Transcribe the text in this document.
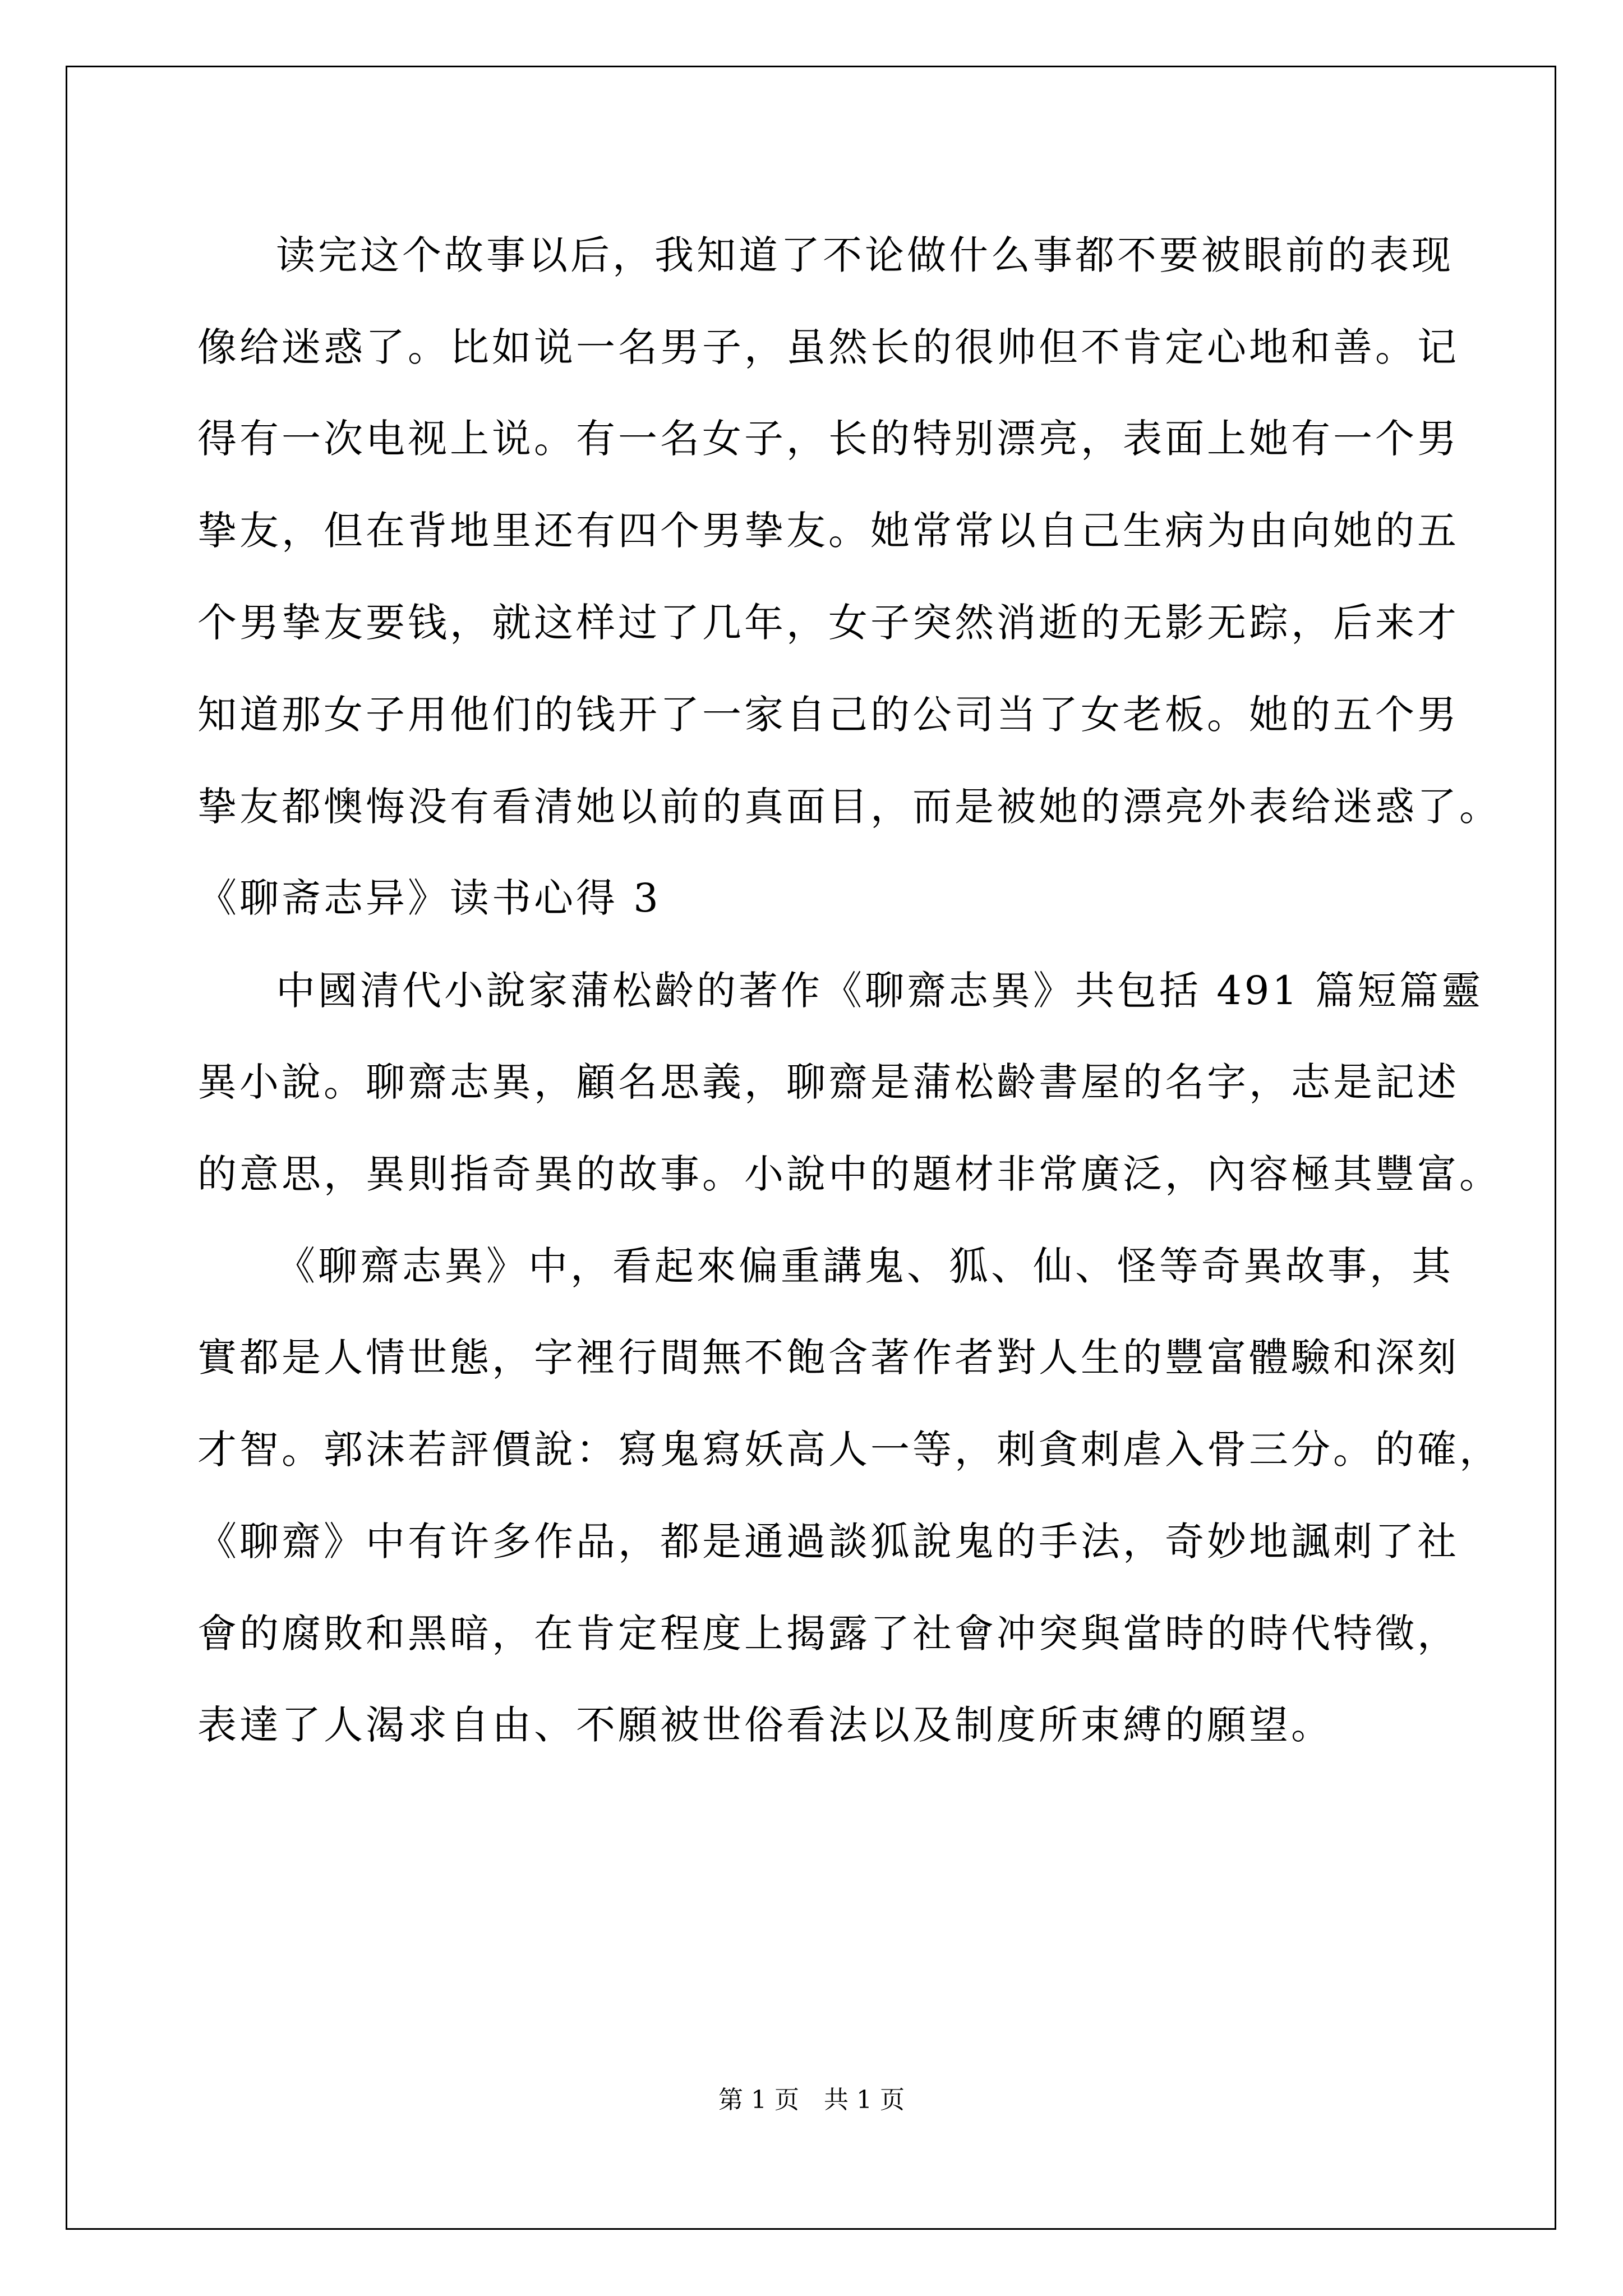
读完这个故事以后，我知道了不论做什么事都不要被眼前的表现
像给迷惑了。比如说一名男子，虽然长的很帅但不肯定心地和善。记
得有一次电视上说。有一名女子，长的特别漂亮，表面上她有一个男
挚友，但在背地里还有四个男挚友。她常常以自己生病为由向她的五
个男挚友要钱，就这样过了几年，女子突然消逝的无影无踪，后来才
知道那女子用他们的钱开了一家自己的公司当了女老板。她的五个男
挚友都懊悔没有看清她以前的真面目，而是被她的漂亮外表给迷惑了。
《聊斋志异》读书心得 3
中國清代小說家蒲松齡的著作《聊齋志異》共包括 491 篇短篇靈
異小說。聊齋志異，顧名思義，聊齋是蒲松齡書屋的名字，志是記述
的意思，異則指奇異的故事。小說中的題材非常廣泛，內容極其豐富。
《聊齋志異》中，看起來偏重講鬼、狐、仙、怪等奇異故事，其
實都是人情世態，字裡行間無不飽含著作者對人生的豐富體驗和深刻
才智。郭沫若評價說：寫鬼寫妖高人一等，刺貪刺虐入骨三分。的確，
《聊齋》中有许多作品，都是通過談狐說鬼的手法，奇妙地諷刺了社
會的腐敗和黑暗，在肯定程度上揭露了社會冲突與當時的時代特徵，
表達了人渴求自由、不願被世俗看法以及制度所束縛的願望。
第 1 页 共 1 页
